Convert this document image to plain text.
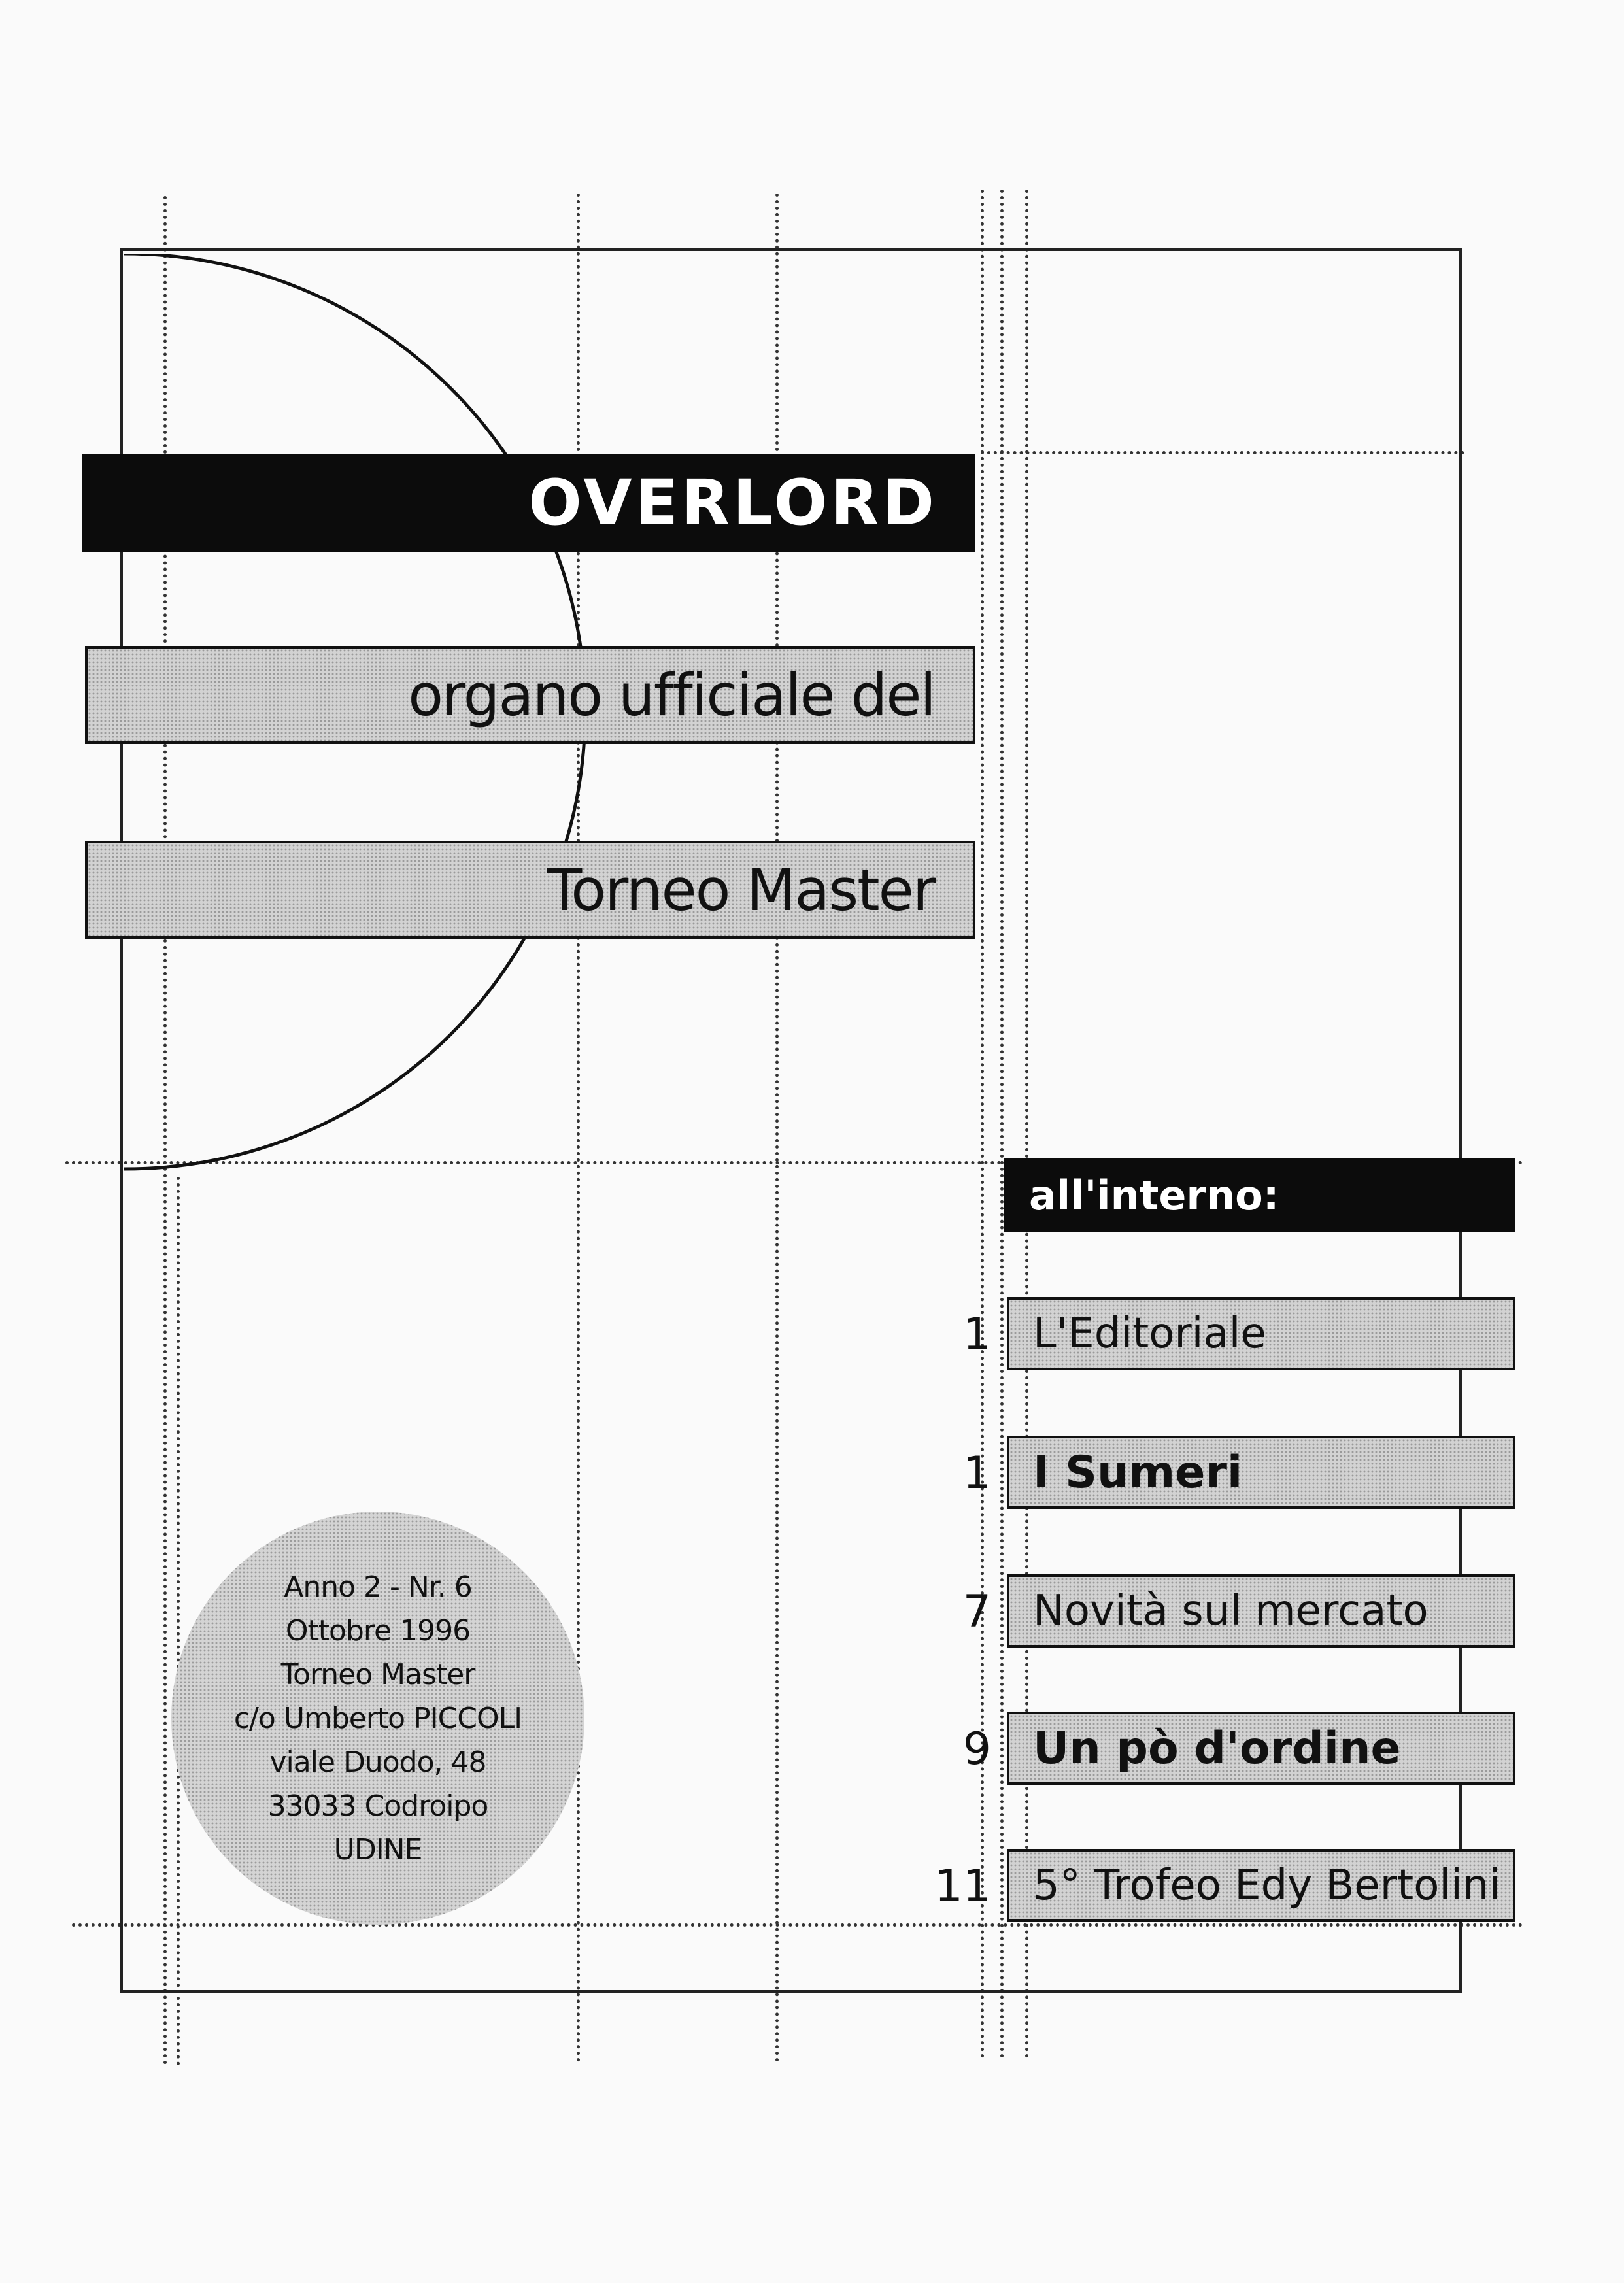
OVERLORD
organo ufficiale del
Torneo Master
all'interno:
1 L'Editoriale
1 I Sumeri
7 Novità sul mercato
9 Un pò d'ordine
11 5° Trofeo Edy Bertolini
Anno 2 - Nr. 6
Ottobre 1996
Torneo Master
c/o Umberto PICCOLI
viale Duodo, 48
33033 Codroipo
UDINE
